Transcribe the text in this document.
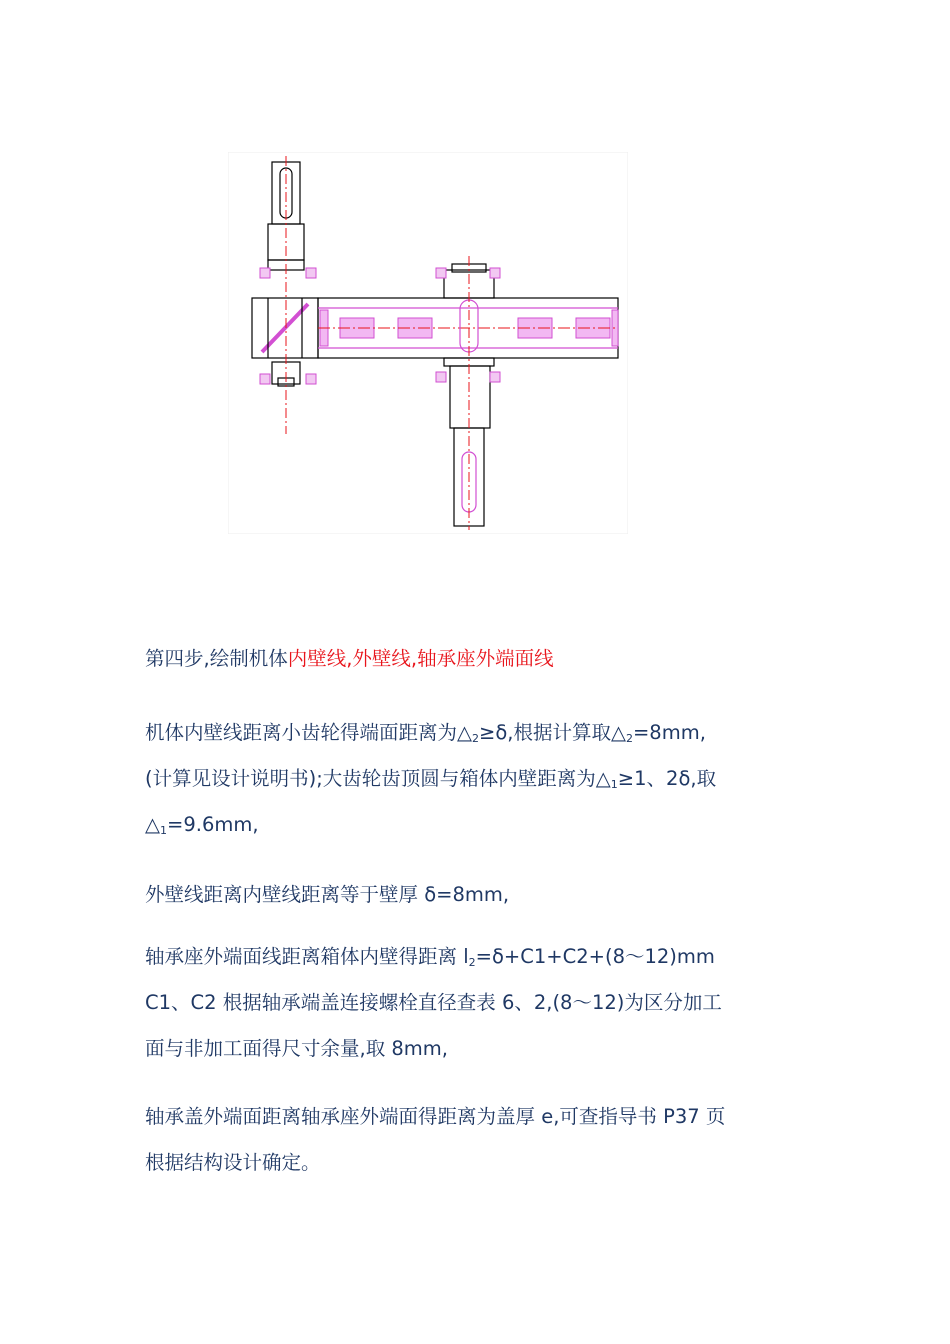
第四步,绘制机体内壁线,外壁线,轴承座外端面线

机体内壁线距离小齿轮得端面距离为$\triangle_2\ge\delta$,根据计算取$\triangle_2=8mm$,
(计算见设计说明书);大齿轮齿顶圆与箱体内壁距离为$\triangle_1\ge 1$、2δ,取
$\triangle_1=9.6mm$,

外壁线距离内壁线距离等于壁厚 δ=8mm,

轴承座外端面线距离箱体内壁得距离 $l_2=\delta+C1+C2+(8\sim 12)mm$
C1、C2 根据轴承端盖连接螺栓直径查表 6、2,(8～12)为区分加工
面与非加工面得尺寸余量,取 8mm,

轴承盖外端面距离轴承座外端面得距离为盖厚 e,可查指导书 P37 页
根据结构设计确定。
